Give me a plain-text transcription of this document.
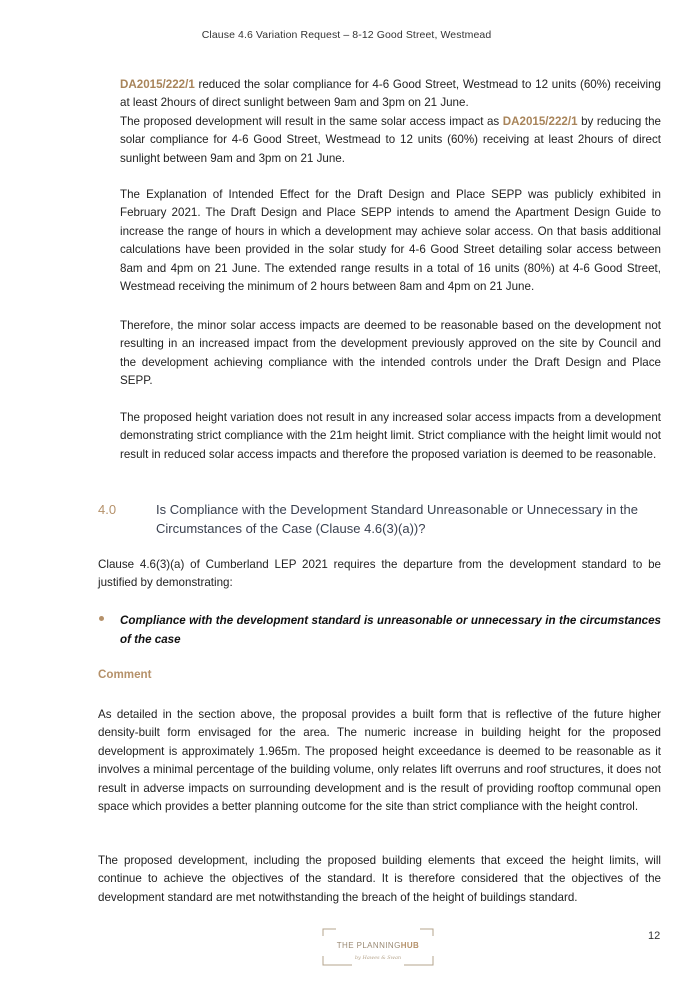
Clause 4.6 Variation Request – 8-12 Good Street, Westmead

DA2015/222/1 reduced the solar compliance for 4-6 Good Street, Westmead to 12 units (60%) receiving at least 2hours of direct sunlight between 9am and 3pm on 21 June.

The proposed development will result in the same solar access impact as DA2015/222/1 by reducing the solar compliance for 4-6 Good Street, Westmead to 12 units (60%) receiving at least 2hours of direct sunlight between 9am and 3pm on 21 June.

The Explanation of Intended Effect for the Draft Design and Place SEPP was publicly exhibited in February 2021. The Draft Design and Place SEPP intends to amend the Apartment Design Guide to increase the range of hours in which a development may achieve solar access. On that basis additional calculations have been provided in the solar study for 4-6 Good Street detailing solar access between 8am and 4pm on 21 June. The extended range results in a total of 16 units (80%) at 4-6 Good Street, Westmead receiving the minimum of 2 hours between 8am and 4pm on 21 June.

Therefore, the minor solar access impacts are deemed to be reasonable based on the development not resulting in an increased impact from the development previously approved on the site by Council and the development achieving compliance with the intended controls under the Draft Design and Place SEPP.

The proposed height variation does not result in any increased solar access impacts from a development demonstrating strict compliance with the 21m height limit. Strict compliance with the height limit would not result in reduced solar access impacts and therefore the proposed variation is deemed to be reasonable.

4.0	Is Compliance with the Development Standard Unreasonable or Unnecessary in the Circumstances of the Case (Clause 4.6(3)(a))?

Clause 4.6(3)(a) of Cumberland LEP 2021 requires the departure from the development standard to be justified by demonstrating:

Compliance with the development standard is unreasonable or unnecessary in the circumstances of the case

Comment

As detailed in the section above, the proposal provides a built form that is reflective of the future higher density-built form envisaged for the area. The numeric increase in building height for the proposed development is approximately 1.965m. The proposed height exceedance is deemed to be reasonable as it involves a minimal percentage of the building volume, only relates lift overruns and roof structures, it does not result in adverse impacts on surrounding development and is the result of providing rooftop communal open space which provides a better planning outcome for the site than strict compliance with the height control.

The proposed development, including the proposed building elements that exceed the height limits, will continue to achieve the objectives of the standard. It is therefore considered that the objectives of the development standard are met notwithstanding the breach of the height of buildings standard.

THE PLANNINGHUB
by Hawes & Swan
12
